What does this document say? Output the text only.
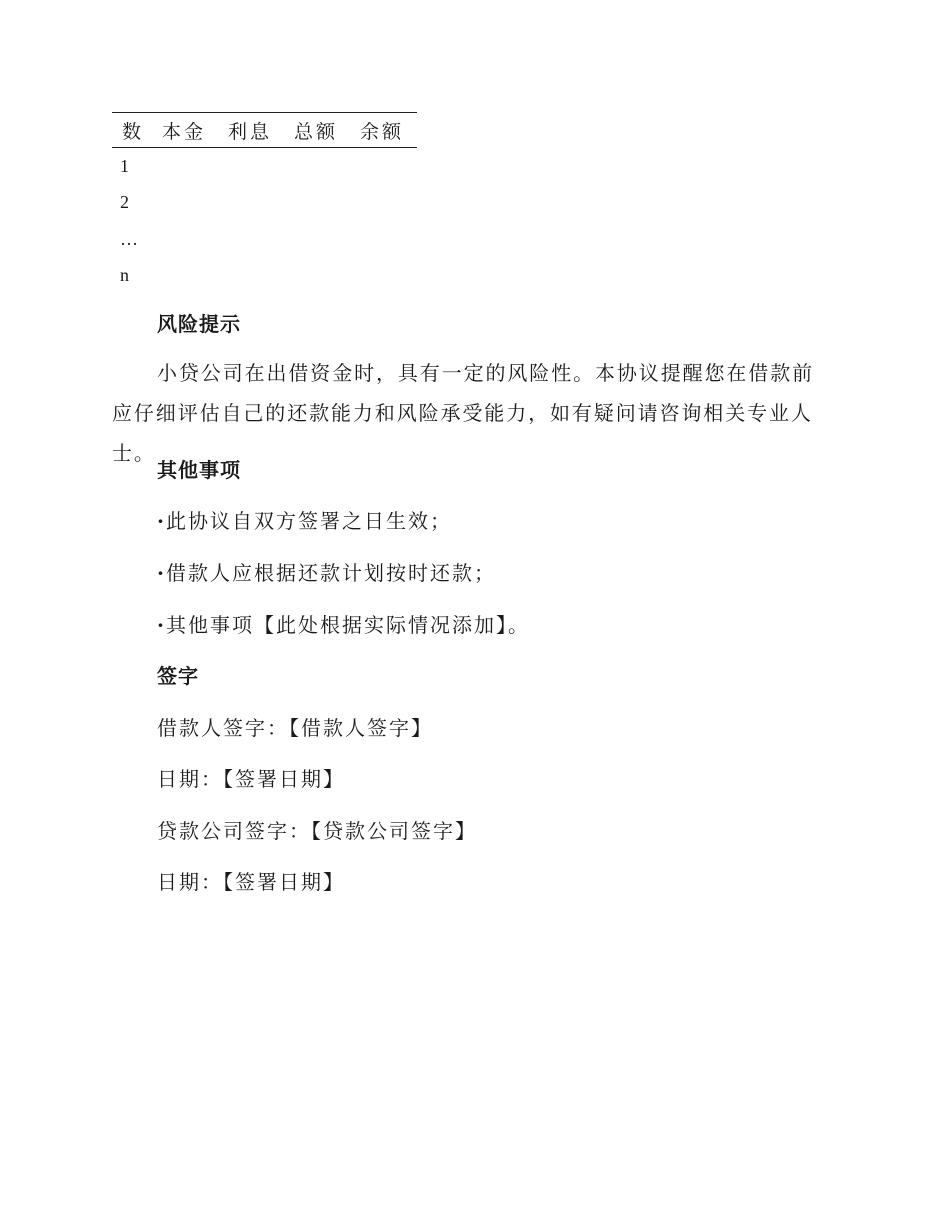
数	本金	利息	总额	余额
1				
2				
…				
n				
风险提示

小贷公司在出借资金时，具有一定的风险性。本协议提醒您在借款前应仔细评估自己的还款能力和风险承受能力，如有疑问请咨询相关专业人士。

其他事项

·此协议自双方签署之日生效；

·借款人应根据还款计划按时还款；

·其他事项【此处根据实际情况添加】。

签字

借款人签字：【借款人签字】

日期：【签署日期】

贷款公司签字：【贷款公司签字】

日期：【签署日期】
